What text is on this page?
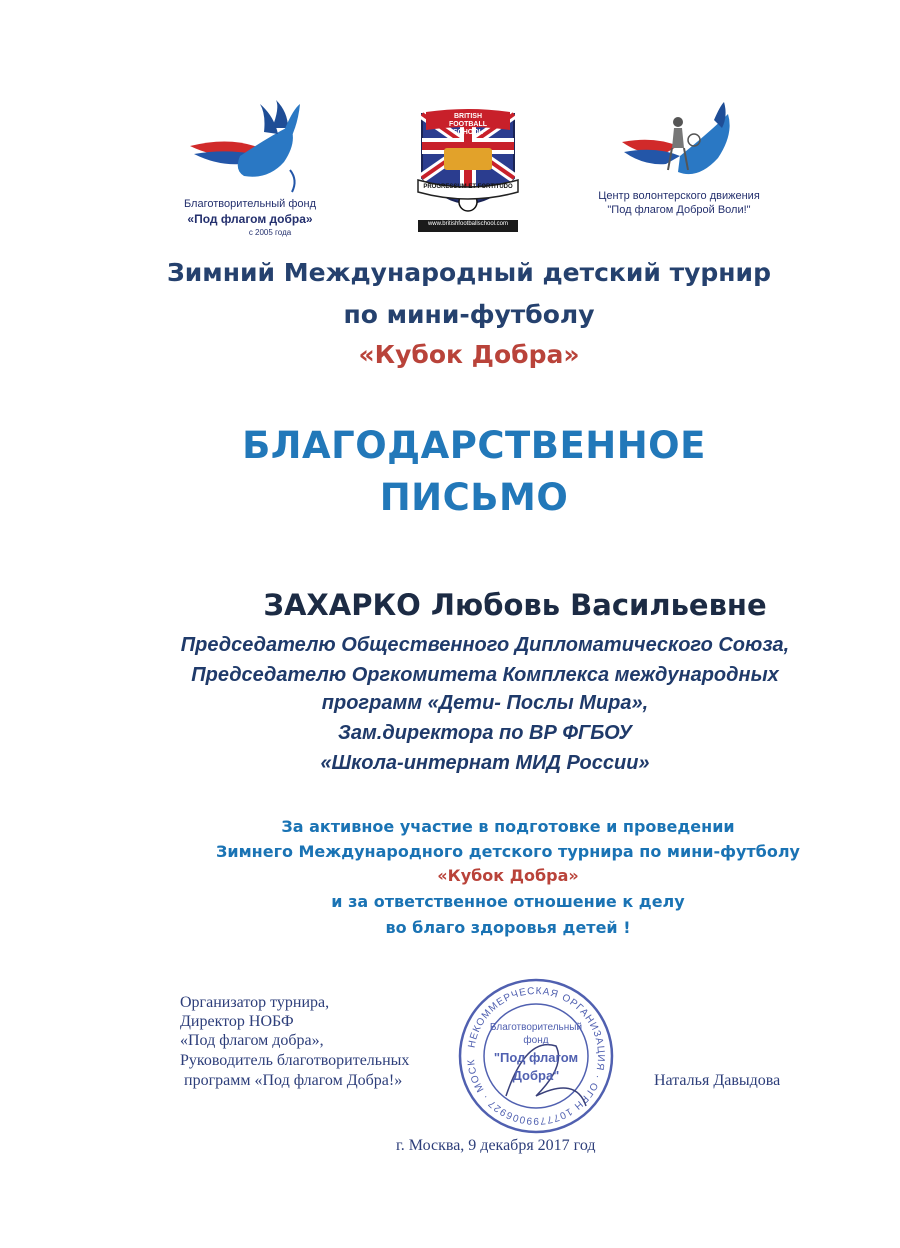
Благотворительный фонд
«Под флагом добра»
с 2005 года
BRITISH FOOTBALL SCHOOL
PROGRESSUM ET FORTITUDO
www.britishfootballschool.com
Центр волонтерского движения
"Под флагом Доброй Воли!"
Зимний Международный детский турнир
по мини-футболу
«Кубок Добра»
БЛАГОДАРСТВЕННОЕ
ПИСЬМО
ЗАХАРКО Любовь Васильевне
Председателю Общественного Дипломатического Союза,
Председателю Оргкомитета Комплекса международных
программ «Дети- Послы Мира»,
Зам.директора по ВР ФГБОУ
«Школа-интернат МИД России»
За активное участие в подготовке и проведении
Зимнего Международного детского турнира по мини-футболу
«Кубок Добра»
и за ответственное отношение к делу
во благо здоровья детей !
Организатор турнира,
Директор НОБФ
«Под флагом добра»,
Руководитель благотворительных
программ «Под флагом Добра!»
НЕКОММЕРЧЕСКАЯ ОРГАНИЗАЦИЯ · ОГРН 1077799006927 · МОСК
Благотворительный
фонд
"Под флагом
Добра"	Наталья Давыдова
г. Москва, 9 декабря 2017 год
